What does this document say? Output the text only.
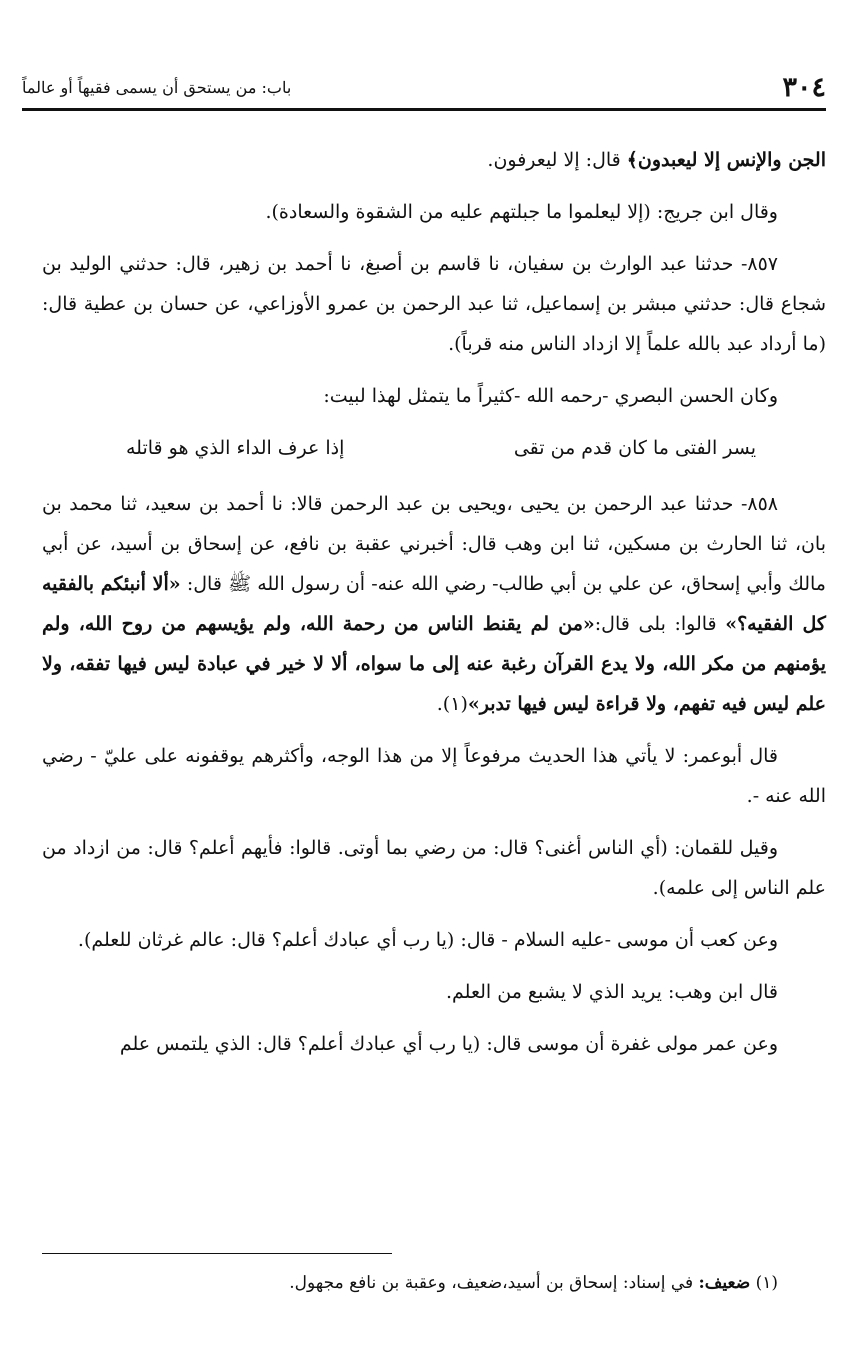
٣٠٤
باب: من يستحق أن يسمى فقيهاً أو عالماً

الجن والإنس إلا ليعبدون﴾ قال: إلا ليعرفون.

وقال ابن جريج: (إلا ليعلموا ما جبلتهم عليه من الشقوة والسعادة).

٨٥٧- حدثنا عبد الوارث بن سفيان، نا قاسم بن أصبغ، نا أحمد بن زهير، قال: حدثني الوليد بن شجاع قال: حدثني مبشر بن إسماعيل، ثنا عبد الرحمن بن عمرو الأوزاعي، عن حسان بن عطية قال: (ما أرداد عبد بالله علماً إلا ازداد الناس منه قرباً).

وكان الحسن البصري -رحمه الله -كثيراً ما يتمثل لهذا لبيت:

يسر الفتى ما كان قدم من تقى
إذا عرف الداء الذي هو قاتله

٨٥٨- حدثنا عبد الرحمن بن يحيى ،ويحيى بن عبد الرحمن قالا: نا أحمد بن سعيد، ثنا محمد بن بان، ثنا الحارث بن مسكين، ثنا ابن وهب قال: أخبرني عقبة بن نافع، عن إسحاق بن أسيد، عن أبي مالك وأبي إسحاق، عن علي بن أبي طالب- رضي الله عنه- أن رسول الله ﷺ قال: «ألا أنبئكم بالفقيه كل الفقيه؟» قالوا: بلى قال:«من لم يقنط الناس من رحمة الله، ولم يؤيسهم من روح الله، ولم يؤمنهم من مكر الله، ولا يدع القرآن رغبة عنه إلى ما سواه، ألا لا خير في عبادة ليس فيها تفقه، ولا علم ليس فيه تفهم، ولا قراءة ليس فيها تدبر»(١).

قال أبوعمر: لا يأتي هذا الحديث مرفوعاً إلا من هذا الوجه، وأكثرهم يوقفونه على عليّ - رضي الله عنه -.

وقيل للقمان: (أي الناس أغنى؟ قال: من رضي بما أوتى. قالوا: فأيهم أعلم؟ قال: من ازداد من علم الناس إلى علمه).

وعن كعب أن موسى -عليه السلام - قال: (يا رب أي عبادك أعلم؟ قال: عالم غرثان للعلم).

قال ابن وهب: يريد الذي لا يشبع من العلم.

وعن عمر مولى غفرة أن موسى قال: (يا رب أي عبادك أعلم؟ قال: الذي يلتمس علم

(١) ضعيف: في إسناد: إسحاق بن أسيد،ضعيف، وعقبة بن نافع مجهول.
